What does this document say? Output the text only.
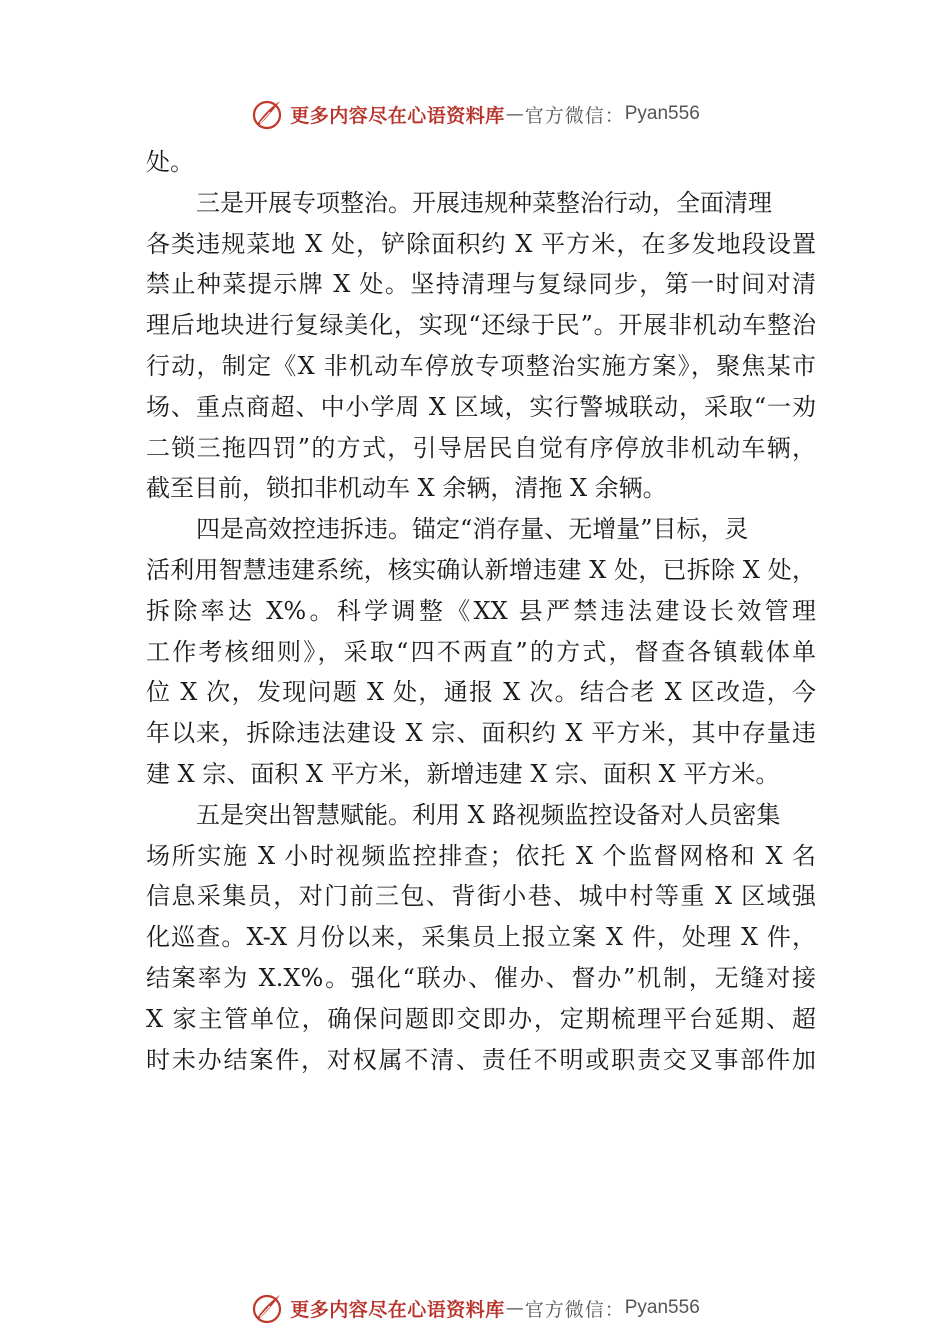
更多内容尽在心语资料库 — 官方微信： Pyan556
处。
三是开展专项整治。开展违规种菜整治行动，全面清理
各类违规菜地 X 处，铲除面积约 X 平方米，在多发地段设置
禁止种菜提示牌 X 处。坚持清理与复绿同步，第一时间对清
理后地块进行复绿美化，实现“还绿于民”。开展非机动车整治
行动，制定《X 非机动车停放专项整治实施方案》，聚焦某市
场、重点商超、中小学周 X 区域，实行警城联动，采取“一劝
二锁三拖四罚”的方式，引导居民自觉有序停放非机动车辆，
截至目前，锁扣非机动车 X 余辆，清拖 X 余辆。
四是高效控违拆违。锚定“消存量、无增量”目标，灵
活利用智慧违建系统，核实确认新增违建 X 处，已拆除 X 处，
拆除率达 X%。科学调整《XX 县严禁违法建设长效管理
工作考核细则》，采取“四不两直”的方式，督查各镇载体单
位 X 次，发现问题 X 处，通报 X 次。结合老 X 区改造，今
年以来，拆除违法建设 X 宗、面积约 X 平方米，其中存量违
建 X 宗、面积 X 平方米，新增违建 X 宗、面积 X 平方米。
五是突出智慧赋能。利用 X 路视频监控设备对人员密集
场所实施 X 小时视频监控排查；依托 X 个监督网格和 X 名
信息采集员，对门前三包、背街小巷、城中村等重 X 区域强
化巡查。X-X 月份以来，采集员上报立案 X 件，处理 X 件，
结案率为 X.X%。强化“联办、催办、督办”机制，无缝对接
X 家主管单位，确保问题即交即办，定期梳理平台延期、超
时未办结案件，对权属不清、责任不明或职责交叉事部件加
更多内容尽在心语资料库 — 官方微信： Pyan556
